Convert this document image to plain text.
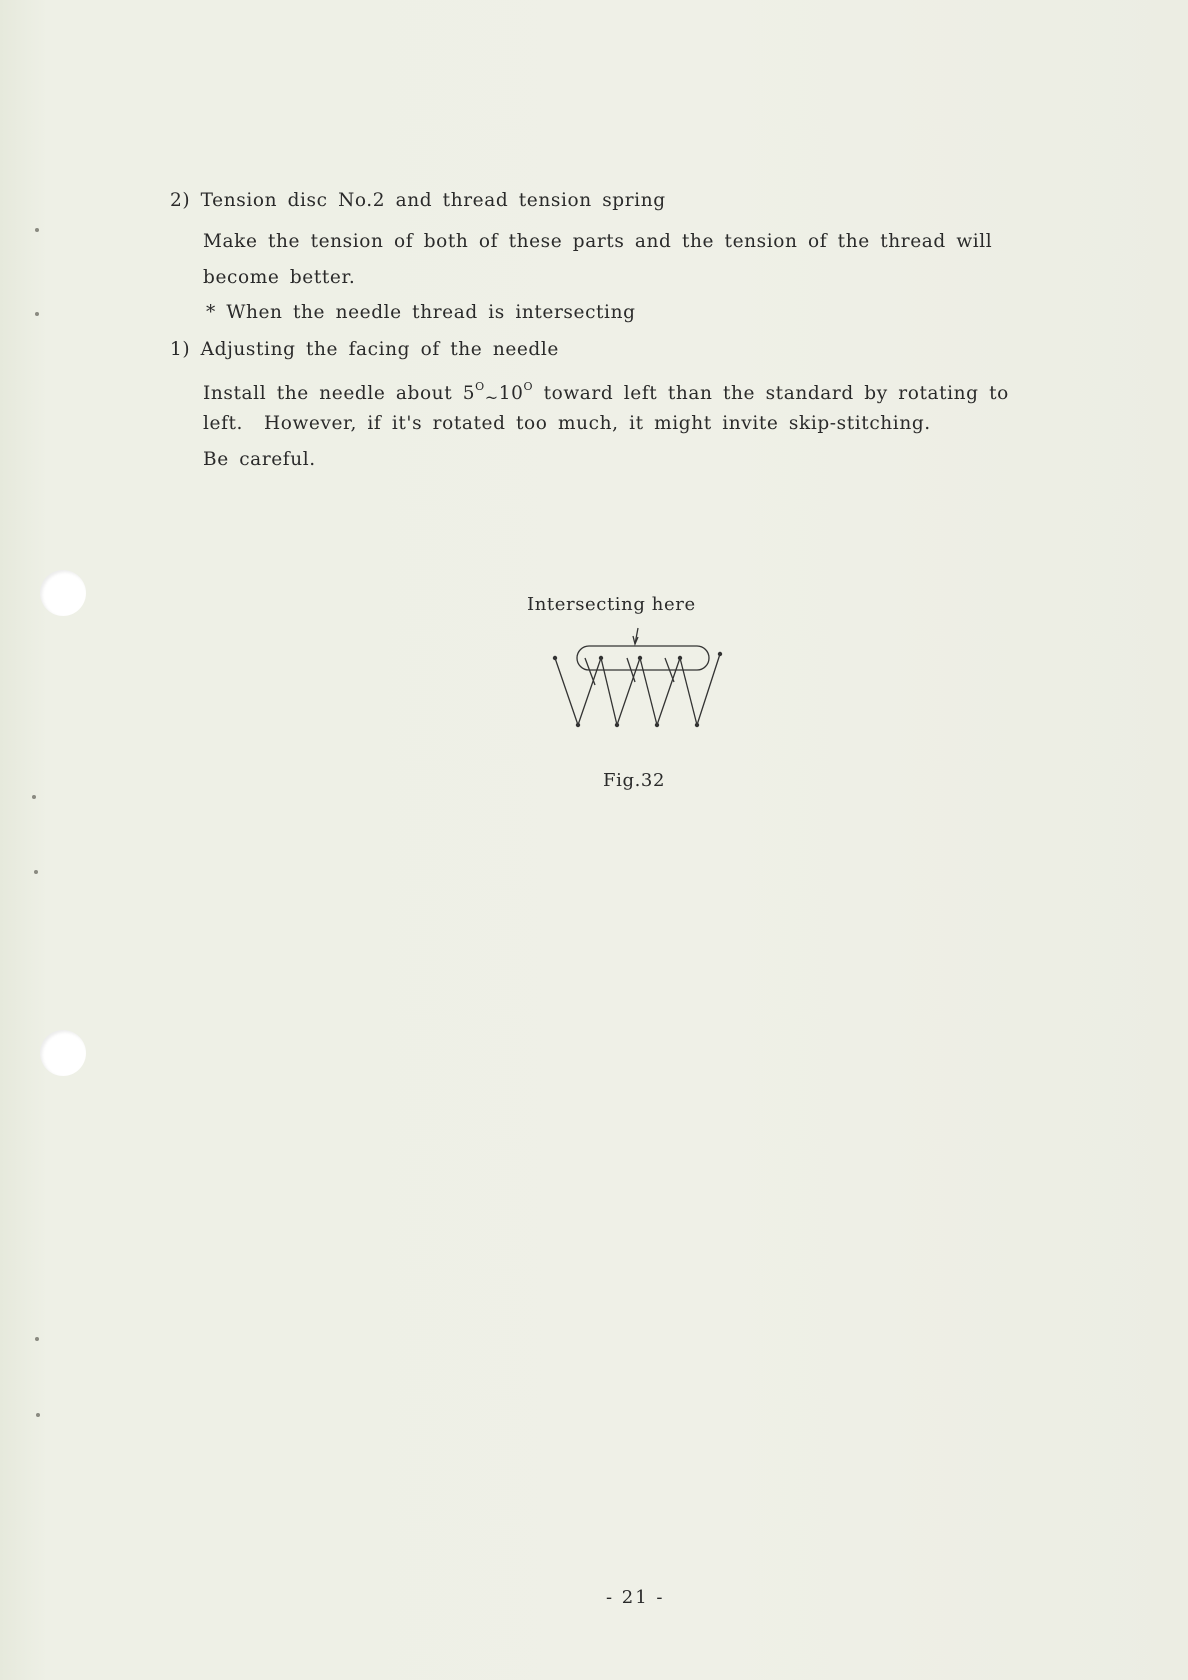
2) Tension disc No.2 and thread tension spring
Make the tension of both of these parts and the tension of the thread will
become better.
* When the needle thread is intersecting
1) Adjusting the facing of the needle
Install the needle about $5^O\sim 10^O$ toward left than the standard by rotating to
left.  However, if it's rotated too much, it might invite skip-stitching.
Be careful.
Intersecting here
Fig.32
- 21 -
